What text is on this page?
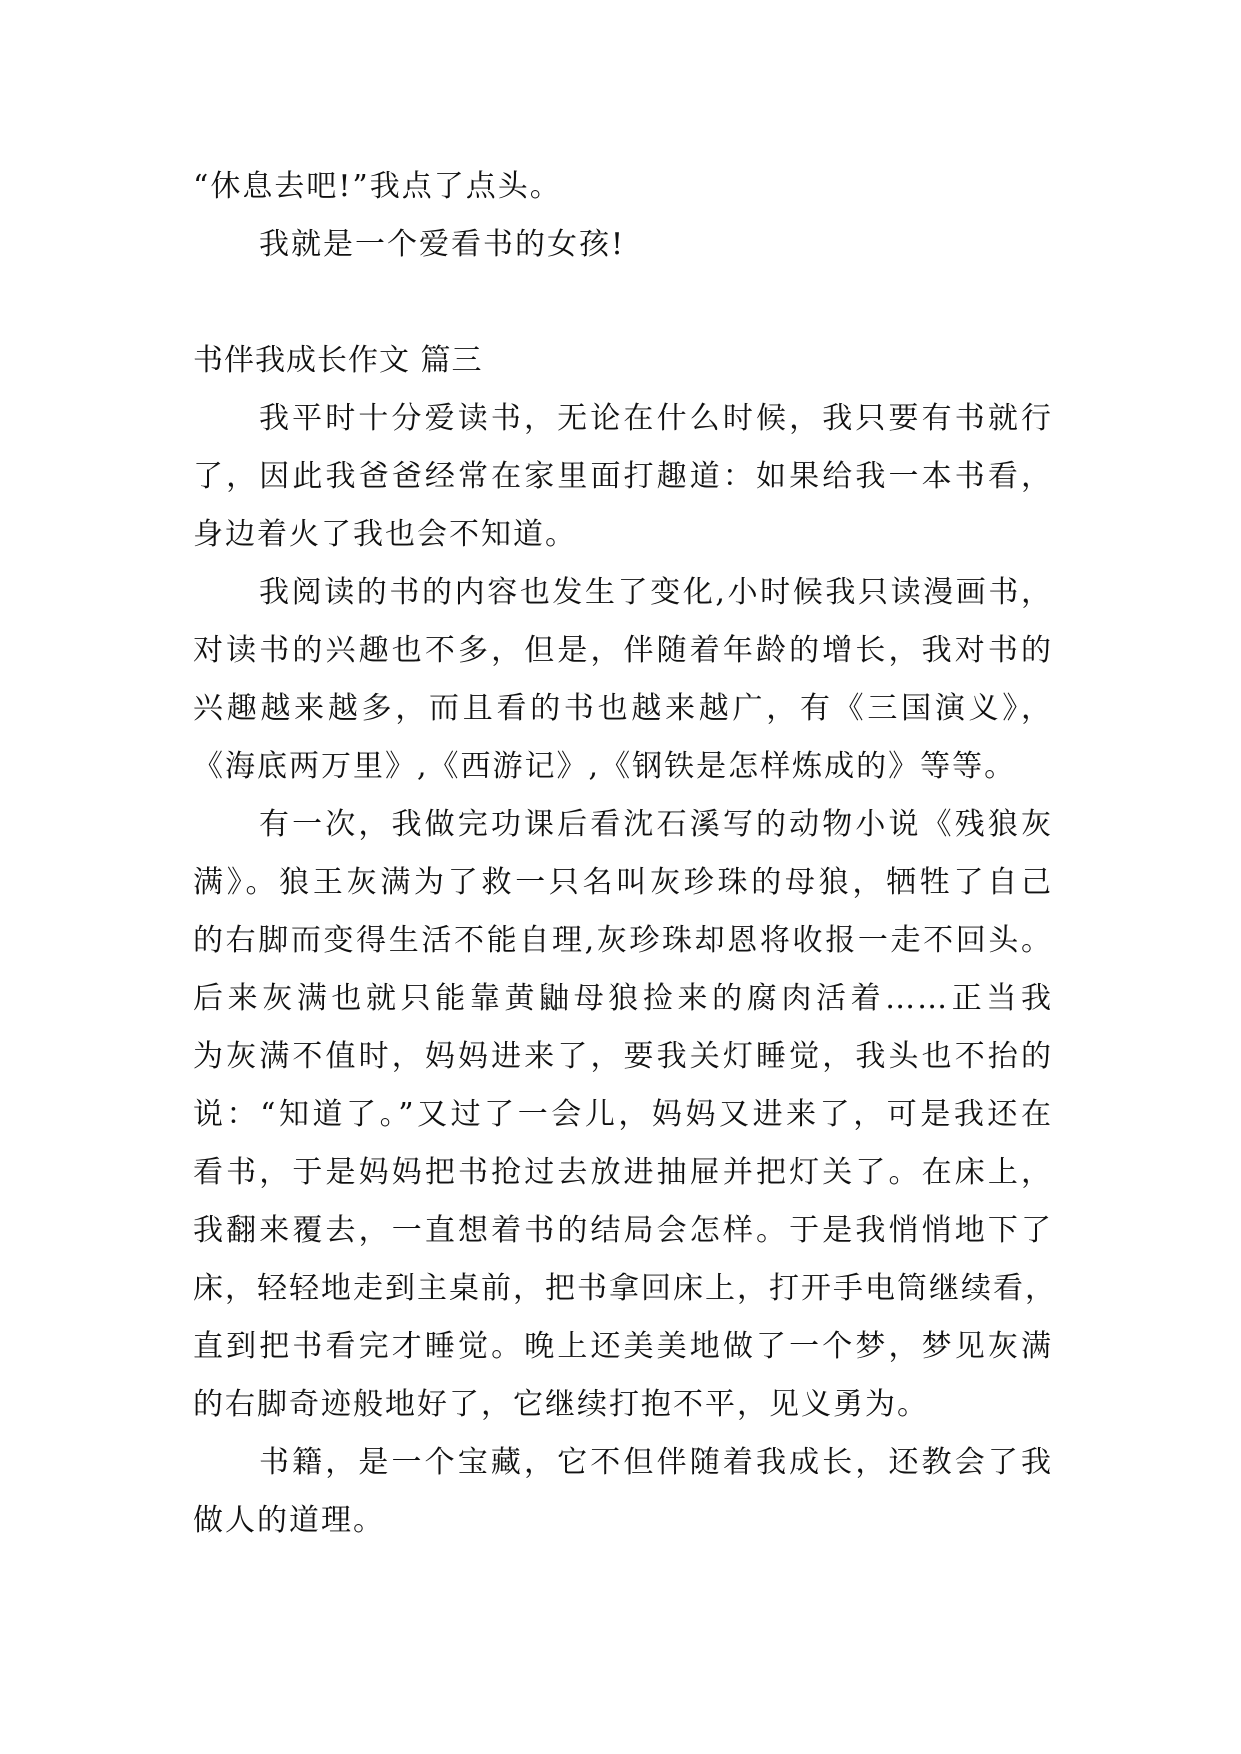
“休息去吧!”我点了点头。

我就是一个爱看书的女孩!

书伴我成长作文 篇三

我平时十分爱读书，无论在什么时候，我只要有书就行

了，因此我爸爸经常在家里面打趣道：如果给我一本书看，

身边着火了我也会不知道。

我阅读的书的内容也发生了变化,小时候我只读漫画书，

对读书的兴趣也不多，但是，伴随着年龄的增长，我对书的

兴趣越来越多，而且看的书也越来越广，有《三国演义》，

《海底两万里》,《西游记》,《钢铁是怎样炼成的》等等。

有一次，我做完功课后看沈石溪写的动物小说《残狼灰

满》。狼王灰满为了救一只名叫灰珍珠的母狼，牺牲了自己

的右脚而变得生活不能自理,灰珍珠却恩将收报一走不回头。

后来灰满也就只能靠黄鼬母狼捡来的腐肉活着……正当我

为灰满不值时，妈妈进来了，要我关灯睡觉，我头也不抬的

说：“知道了。”又过了一会儿，妈妈又进来了，可是我还在

看书，于是妈妈把书抢过去放进抽屉并把灯关了。在床上，

我翻来覆去，一直想着书的结局会怎样。于是我悄悄地下了

床，轻轻地走到主桌前，把书拿回床上，打开手电筒继续看，

直到把书看完才睡觉。晚上还美美地做了一个梦，梦见灰满

的右脚奇迹般地好了，它继续打抱不平，见义勇为。

书籍，是一个宝藏，它不但伴随着我成长，还教会了我

做人的道理。
